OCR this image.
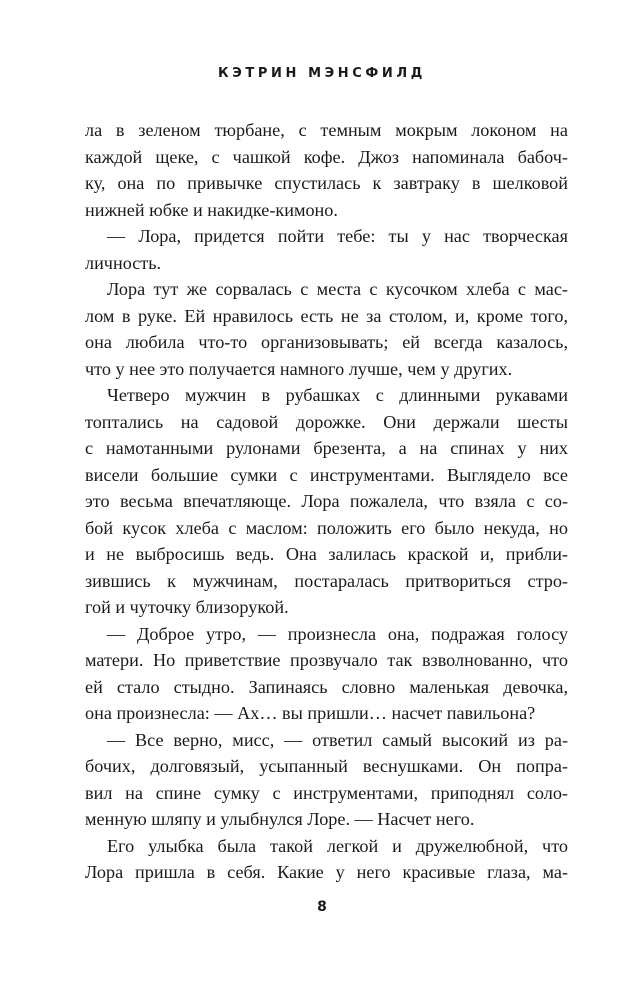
КЭТРИН МЭНСФИЛД
ла в зеленом тюрбане, с темным мокрым локоном на
каждой щеке, с чашкой кофе. Джоз напоминала бабоч-
ку, она по привычке спустилась к завтраку в шелковой
нижней юбке и накидке-кимоно.
— Лора, придется пойти тебе: ты у нас творческая
личность.
Лора тут же сорвалась с места с кусочком хлеба с мас-
лом в руке. Ей нравилось есть не за столом, и, кроме того,
она любила что-то организовывать; ей всегда казалось,
что у нее это получается намного лучше, чем у других.
Четверо мужчин в рубашках с длинными рукавами
топтались на садовой дорожке. Они держали шесты
с намотанными рулонами брезента, а на спинах у них
висели большие сумки с инструментами. Выглядело все
это весьма впечатляюще. Лора пожалела, что взяла с со-
бой кусок хлеба с маслом: положить его было некуда, но
и не выбросишь ведь. Она залилась краской и, прибли-
зившись к мужчинам, постаралась притвориться стро-
гой и чуточку близорукой.
— Доброе утро, — произнесла она, подражая голосу
матери. Но приветствие прозвучало так взволнованно, что
ей стало стыдно. Запинаясь словно маленькая девочка,
она произнесла: — Ах… вы пришли… насчет павильона?
— Все верно, мисс, — ответил самый высокий из ра-
бочих, долговязый, усыпанный веснушками. Он попра-
вил на спине сумку с инструментами, приподнял соло-
менную шляпу и улыбнулся Лоре. — Насчет него.
Его улыбка была такой легкой и дружелюбной, что
Лора пришла в себя. Какие у него красивые глаза, ма-
8
